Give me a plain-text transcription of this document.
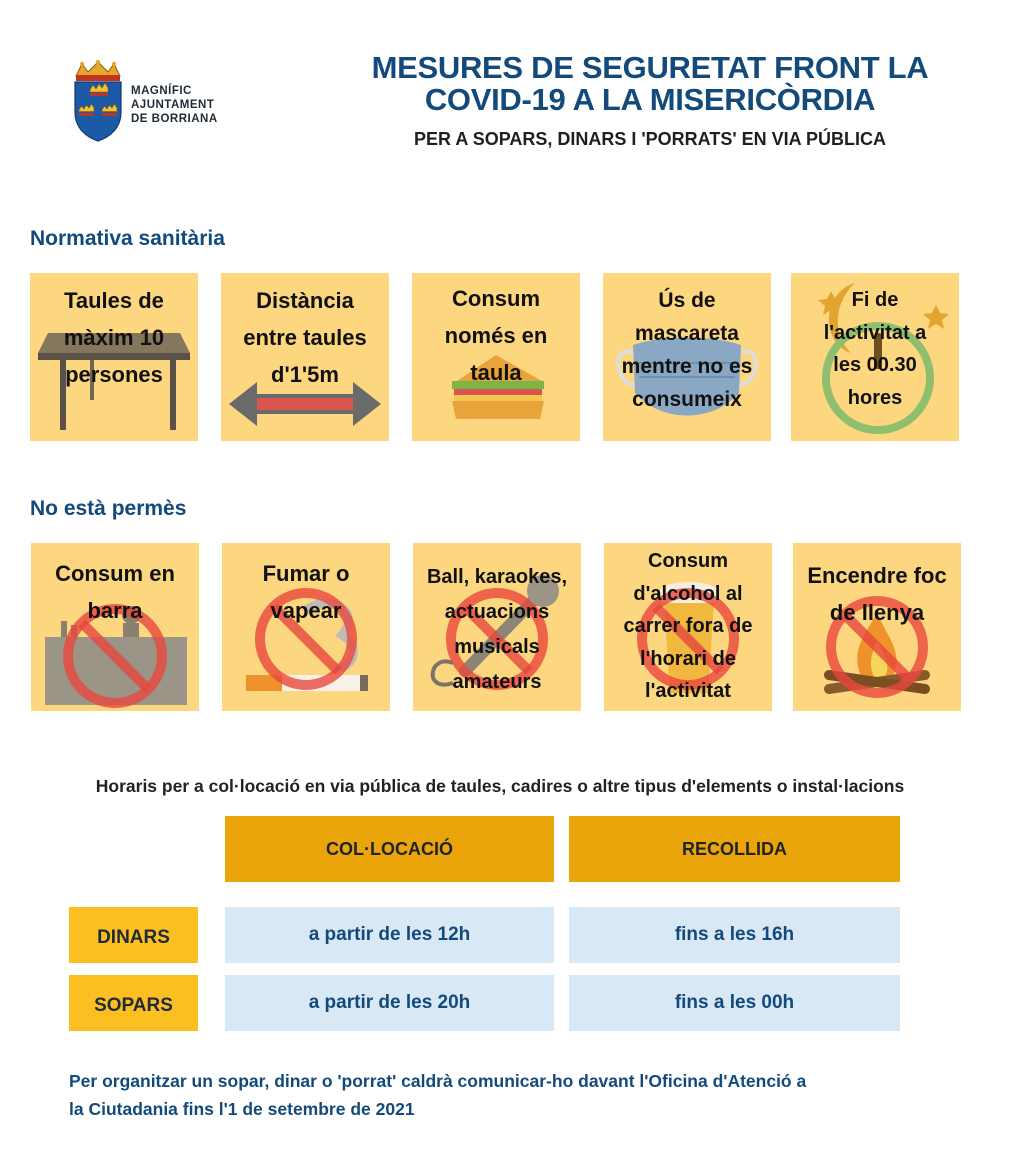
MAGNÍFIC
AJUNTAMENT
DE BORRIANA
MESURES DE SEGURETAT FRONT LA
COVID-19 A LA MISERICÒRDIA
PER A SOPARS, DINARS I 'PORRATS' EN VIA PÚBLICA
Normativa sanitària
Taules de
màxim 10
persones
Distància
entre taules
d'1'5m
Consum
només en
taula
Ús de
mascareta
mentre no es
consumeix
Fi de
l'activitat a
les 00.30
hores
No està permès
Consum en
barra
Fumar o
vapear
Ball, karaokes,
actuacions
musicals
amateurs
Consum
d'alcohol al
carrer fora de
l'horari de
l'activitat
Encendre foc
de llenya
Horaris per a col·locació en via pública de taules, cadires o altre tipus d'elements o instal·lacions
COL·LOCACIÓ	RECOLLIDA
DINARS	a partir de les 12h	fins a les 16h
SOPARS	a partir de les 20h	fins a les 00h
Per organitzar un sopar, dinar o 'porrat' caldrà comunicar-ho davant l'Oficina d'Atenció a
la Ciutadania fins l'1 de setembre de 2021
